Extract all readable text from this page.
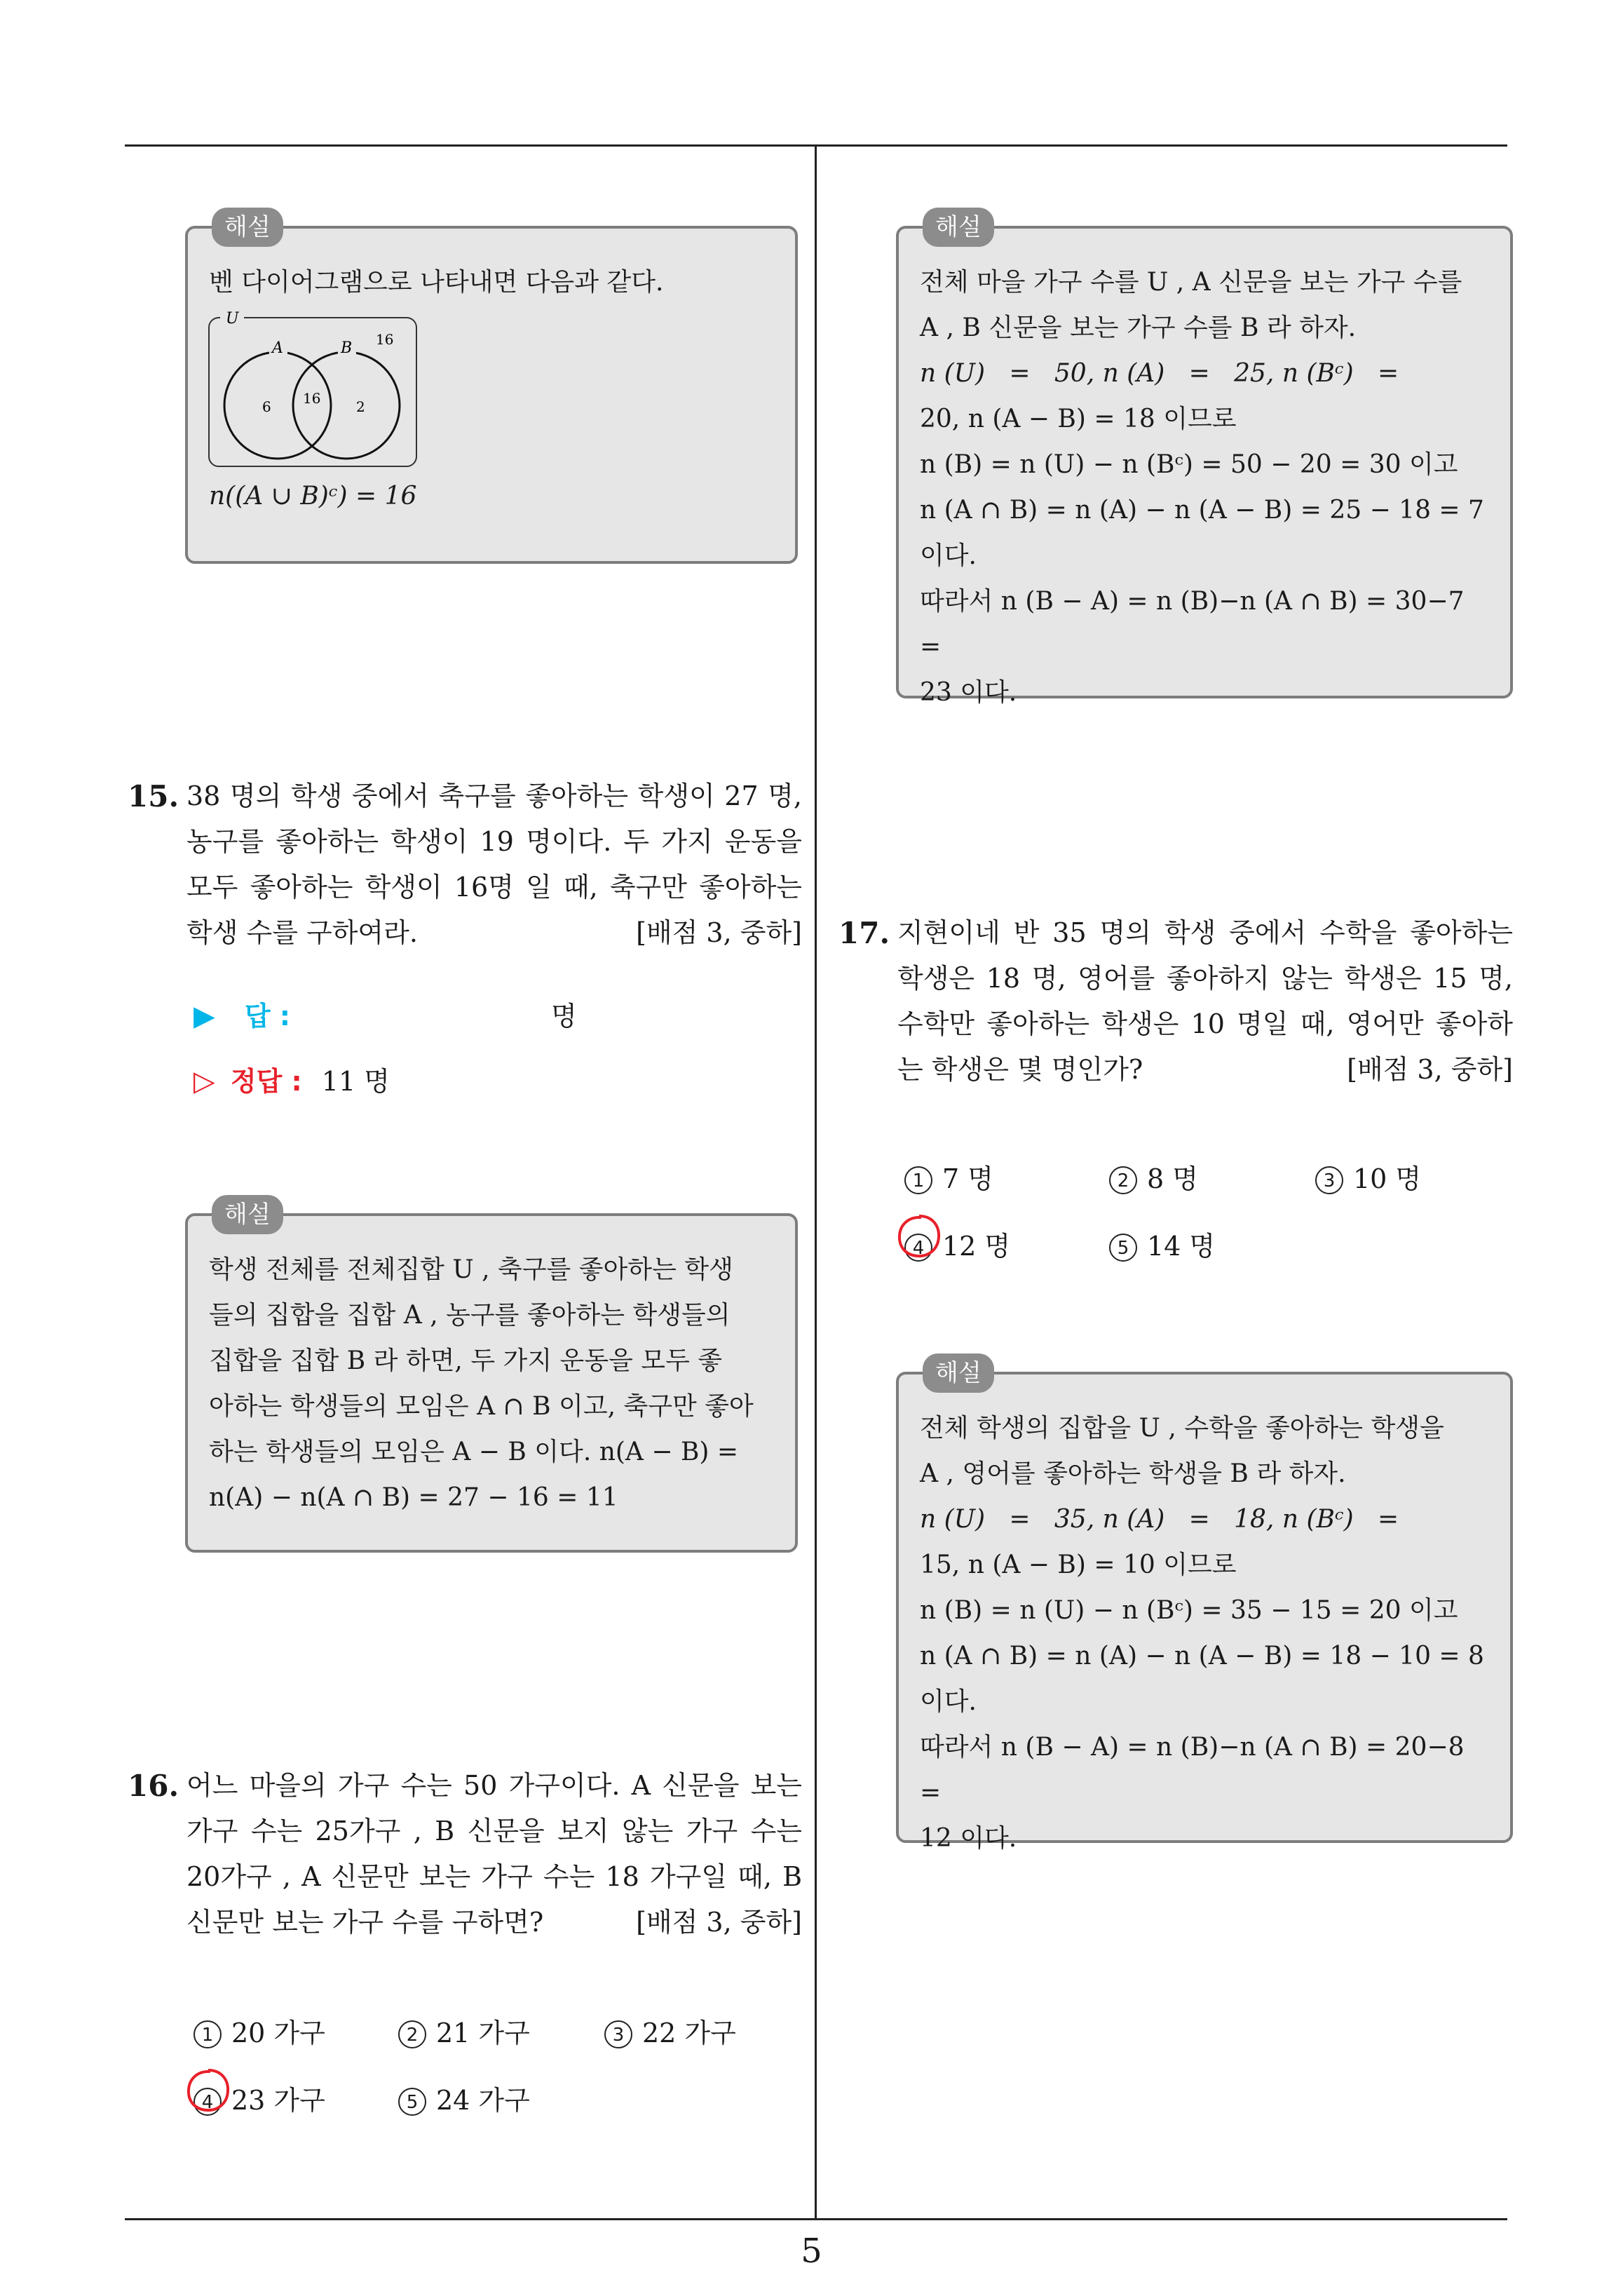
해설

벤 다이어그램으로 나타내면 다음과 같다.

U
A	B 16
6 16	2

n((A ∪ B)ᶜ) = 16

15. 38 명의 학생 중에서 축구를 좋아하는 학생이 27 명, 농구를 좋아하는 학생이 19 명이다. 두 가지 운동을 모두 좋아하는 학생이 16명 일 때, 축구만 좋아하는 학생 수를 구하여라.	[배점 3, 중하]
▶ 답 :	명
▷ 정답 : 11 명
해설

학생 전체를 전체집합 U , 축구를 좋아하는 학생

들의 집합을 집합 A , 농구를 좋아하는 학생들의

집합을 집합 B 라 하면, 두 가지 운동을 모두 좋

아하는 학생들의 모임은 A ∩ B 이고, 축구만 좋아

하는 학생들의 모임은 A − B 이다. n(A − B) =

n(A) − n(A ∩ B) = 27 − 16 = 11

16. 어느 마을의 가구 수는 50 가구이다. A 신문을 보는 가구 수는 25가구 , B 신문을 보지 않는 가구 수는 20가구 , A 신문만 보는 가구 수는 18 가구일 때, B 신문만 보는 가구 수를 구하면?	[배점 3, 중하]
1 20 가구	2 21 가구	3 22 가구
4 23 가구	5 24 가구
해설

전체 마을 가구 수를 U , A 신문을 보는 가구 수를

A , B 신문을 보는 가구 수를 B 라 하자.

n (U)   =   50, n (A)   =   25, n (Bᶜ)   =

20, n (A − B) = 18 이므로

n (B) = n (U) − n (Bᶜ) = 50 − 20 = 30 이고

n (A ∩ B) = n (A) − n (A − B) = 25 − 18 = 7

이다.

따라서 n (B − A) = n (B)−n (A ∩ B) = 30−7 =

23 이다.

17. 지현이네 반 35 명의 학생 중에서 수학을 좋아하는 학생은 18 명, 영어를 좋아하지 않는 학생은 15 명, 수학만 좋아하는 학생은 10 명일 때, 영어만 좋아하는 학생은 몇 명인가?	[배점 3, 중하]
1 7 명	2 8 명	3 10 명
4 12 명	5 14 명
해설

전체 학생의 집합을 U , 수학을 좋아하는 학생을

A , 영어를 좋아하는 학생을 B 라 하자.

n (U)   =   35, n (A)   =   18, n (Bᶜ)   =

15, n (A − B) = 10 이므로

n (B) = n (U) − n (Bᶜ) = 35 − 15 = 20 이고

n (A ∩ B) = n (A) − n (A − B) = 18 − 10 = 8

이다.

따라서 n (B − A) = n (B)−n (A ∩ B) = 20−8 =

12 이다.

5
